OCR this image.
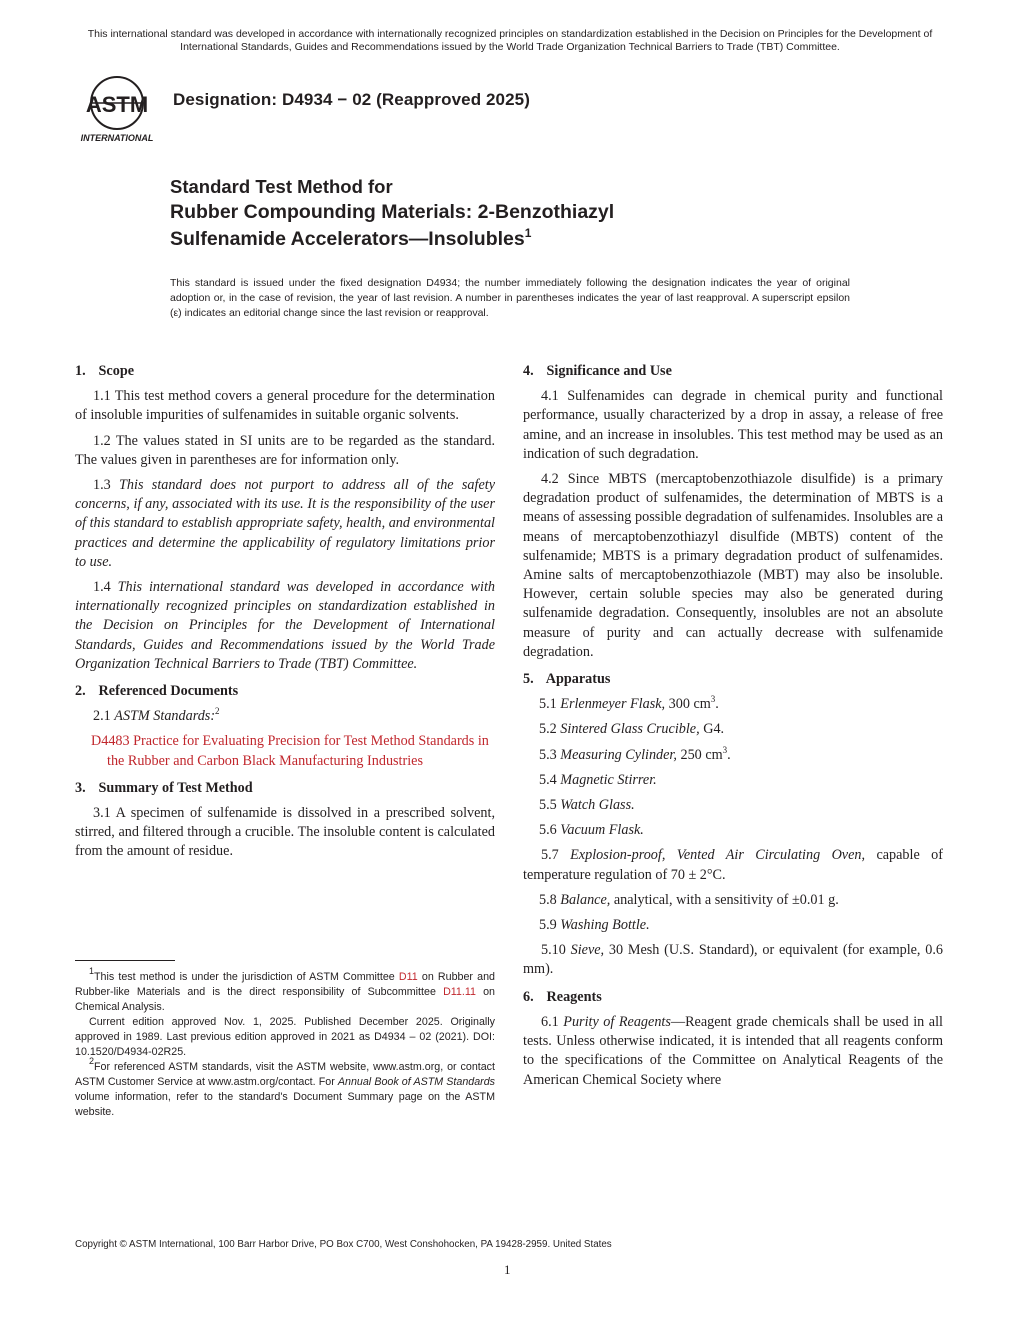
This international standard was developed in accordance with internationally recognized principles on standardization established in the Decision on Principles for the Development of International Standards, Guides and Recommendations issued by the World Trade Organization Technical Barriers to Trade (TBT) Committee.
ASTM
INTERNATIONAL
Designation: D4934 − 02 (Reapproved 2025)
Standard Test Method for
Rubber Compounding Materials: 2-Benzothiazyl
Sulfenamide Accelerators—Insolubles$^1$
This standard is issued under the fixed designation D4934; the number immediately following the designation indicates the year of original adoption or, in the case of revision, the year of last revision. A number in parentheses indicates the year of last reapproval. A superscript epsilon (ε) indicates an editorial change since the last revision or reapproval.
1. Scope
1.1 This test method covers a general procedure for the determination of insoluble impurities of sulfenamides in suitable organic solvents.
1.2 The values stated in SI units are to be regarded as the standard. The values given in parentheses are for information only.
1.3 This standard does not purport to address all of the safety concerns, if any, associated with its use. It is the responsibility of the user of this standard to establish appropriate safety, health, and environmental practices and determine the applicability of regulatory limitations prior to use.
1.4 This international standard was developed in accordance with internationally recognized principles on standardization established in the Decision on Principles for the Development of International Standards, Guides and Recommendations issued by the World Trade Organization Technical Barriers to Trade (TBT) Committee.
2. Referenced Documents
2.1 ASTM Standards:$^2$
D4483 Practice for Evaluating Precision for Test Method Standards in the Rubber and Carbon Black Manufacturing Industries
3. Summary of Test Method
3.1 A specimen of sulfenamide is dissolved in a prescribed solvent, stirred, and filtered through a crucible. The insoluble content is calculated from the amount of residue.
$^1$This test method is under the jurisdiction of ASTM Committee D11 on Rubber and Rubber-like Materials and is the direct responsibility of Subcommittee D11.11 on Chemical Analysis.
Current edition approved Nov. 1, 2025. Published December 2025. Originally approved in 1989. Last previous edition approved in 2021 as D4934 – 02 (2021). DOI: 10.1520/D4934-02R25.
$^2$For referenced ASTM standards, visit the ASTM website, www.astm.org, or contact ASTM Customer Service at www.astm.org/contact. For Annual Book of ASTM Standards volume information, refer to the standard's Document Summary page on the ASTM website.
4. Significance and Use
4.1 Sulfenamides can degrade in chemical purity and functional performance, usually characterized by a drop in assay, a release of free amine, and an increase in insolubles. This test method may be used as an indication of such degradation.
4.2 Since MBTS (mercaptobenzothiazole disulfide) is a primary degradation product of sulfenamides, the determination of MBTS is a means of assessing possible degradation of sulfenamides. Insolubles are a means of mercaptobenzothiazyl disulfide (MBTS) content of the sulfenamide; MBTS is a primary degradation product of sulfenamides. Amine salts of mercaptobenzothiazole (MBT) may also be insoluble. However, certain soluble species may also be generated during sulfenamide degradation. Consequently, insolubles are not an absolute measure of purity and can actually decrease with sulfenamide degradation.
5. Apparatus
5.1 Erlenmeyer Flask, 300 $cm^3$.
5.2 Sintered Glass Crucible, G4.
5.3 Measuring Cylinder, 250 $cm^3$.
5.4 Magnetic Stirrer.
5.5 Watch Glass.
5.6 Vacuum Flask.
5.7 Explosion-proof, Vented Air Circulating Oven, capable of temperature regulation of 70 ± 2°C.
5.8 Balance, analytical, with a sensitivity of ±0.01 g.
5.9 Washing Bottle.
5.10 Sieve, 30 Mesh (U.S. Standard), or equivalent (for example, 0.6 mm).
6. Reagents
6.1 Purity of Reagents—Reagent grade chemicals shall be used in all tests. Unless otherwise indicated, it is intended that all reagents conform to the specifications of the Committee on Analytical Reagents of the American Chemical Society where
Copyright © ASTM International, 100 Barr Harbor Drive, PO Box C700, West Conshohocken, PA 19428-2959. United States
1
